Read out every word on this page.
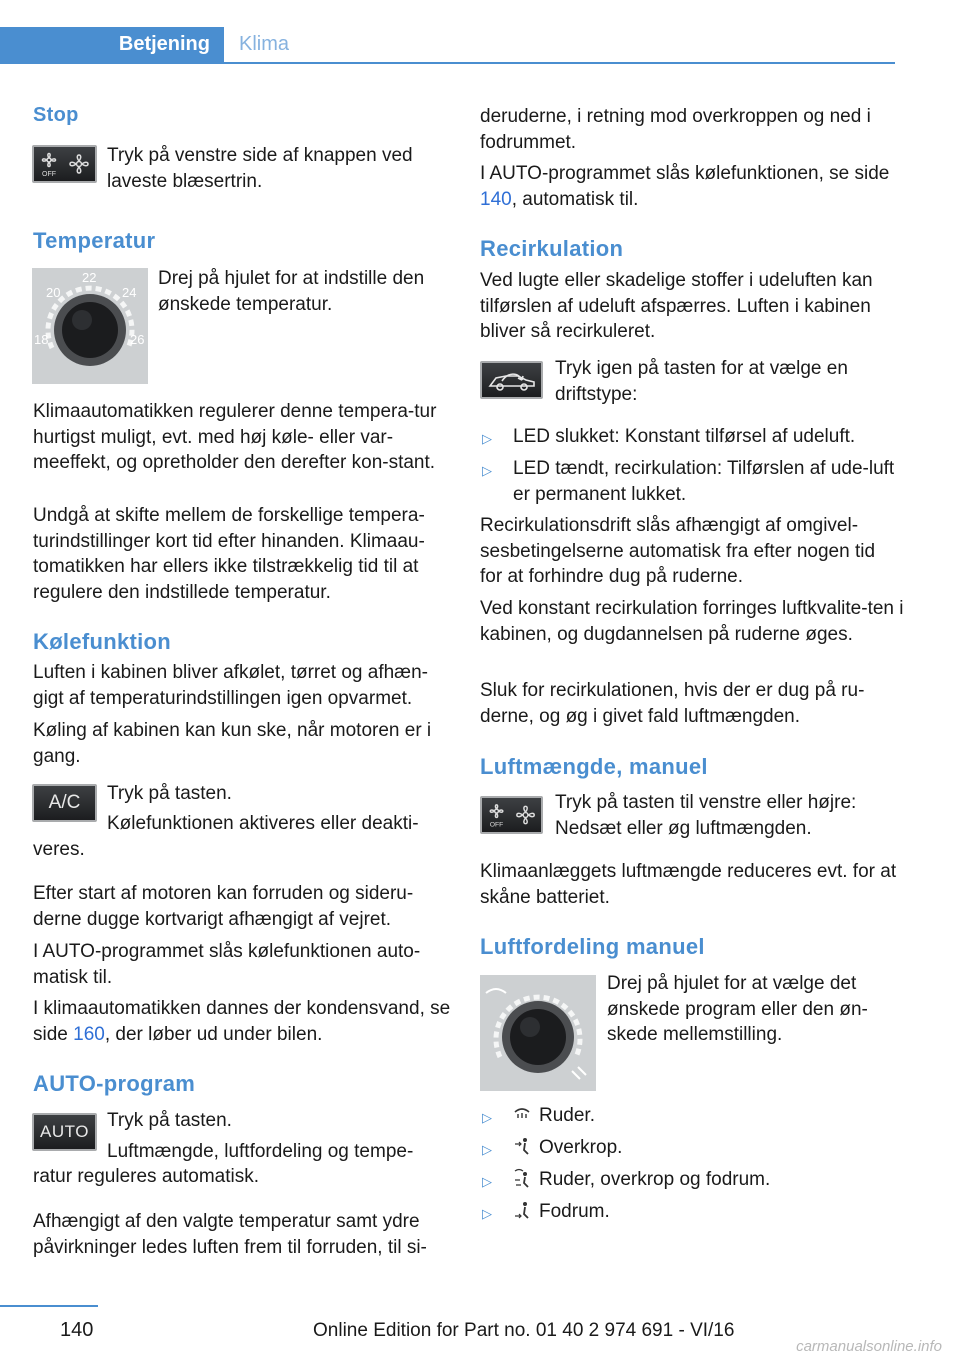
Betjening	Klima
Stop
OFF

Tryk på venstre side af knappen ved laveste blæsertrin.

Temperatur
20
22
24
18	26

Drej på hjulet for at indstille den ønskede temperatur.

Klimaautomatikken regulerer denne tempera-tur hurtigst muligt, evt. med høj køle- eller var-meeffekt, og opretholder den derefter kon-stant.

Undgå at skifte mellem de forskellige tempera-turindstillinger kort tid efter hinanden. Klimaau-tomatikken har ellers ikke tilstrækkelig tid til at regulere den indstillede temperatur.

Kølefunktion

Luften i kabinen bliver afkølet, tørret og afhæn-gigt af temperaturindstillingen igen opvarmet.

Køling af kabinen kan kun ske, når motoren er i gang.

A/C	Tryk på tasten.

Kølefunktionen aktiveres eller deakti-

veres.

Efter start af motoren kan forruden og sideru-derne dugge kortvarigt afhængigt af vejret.

I AUTO-programmet slås kølefunktionen auto-matisk til.

I klimaautomatikken dannes der kondensvand, se side 160, der løber ud under bilen.

AUTO-program
AUTO

Tryk på tasten.

Luftmængde, luftfordeling og tempe-

ratur reguleres automatisk.

Afhængigt af den valgte temperatur samt ydre påvirkninger ledes luften frem til forruden, til si-

deruderne, i retning mod overkroppen og ned i fodrummet.

I AUTO-programmet slås kølefunktionen, se side 140, automatisk til.

Recirkulation

Ved lugte eller skadelige stoffer i udeluften kan tilførslen af udeluft afspærres. Luften i kabinen bliver så recirkuleret.

Tryk igen på tasten for at vælge en driftstype:

▷ LED slukket: Konstant tilførsel af udeluft.

▷ LED tændt, recirkulation: Tilførslen af ude-luft er permanent lukket.

Recirkulationsdrift slås afhængigt af omgivel-sesbetingelserne automatisk fra efter nogen tid for at forhindre dug på ruderne.

Ved konstant recirkulation forringes luftkvalite-ten i kabinen, og dugdannelsen på ruderne øges.

Sluk for recirkulationen, hvis der er dug på ru-derne, og øg i givet fald luftmængden.

Luftmængde, manuel
OFF

Tryk på tasten til venstre eller højre: Nedsæt eller øg luftmængden.

Klimaanlæggets luftmængde reduceres evt. for at skåne batteriet.

Luftfordeling manuel

Drej på hjulet for at vælge det ønskede program eller den øn-skede mellemstilling.

▷	Ruder.

▷	Overkrop.

▷	Ruder, overkrop og fodrum.

▷	Fodrum.

140	Online Edition for Part no. 01 40 2 974 691 - VI/16

carmanualsonline.info
